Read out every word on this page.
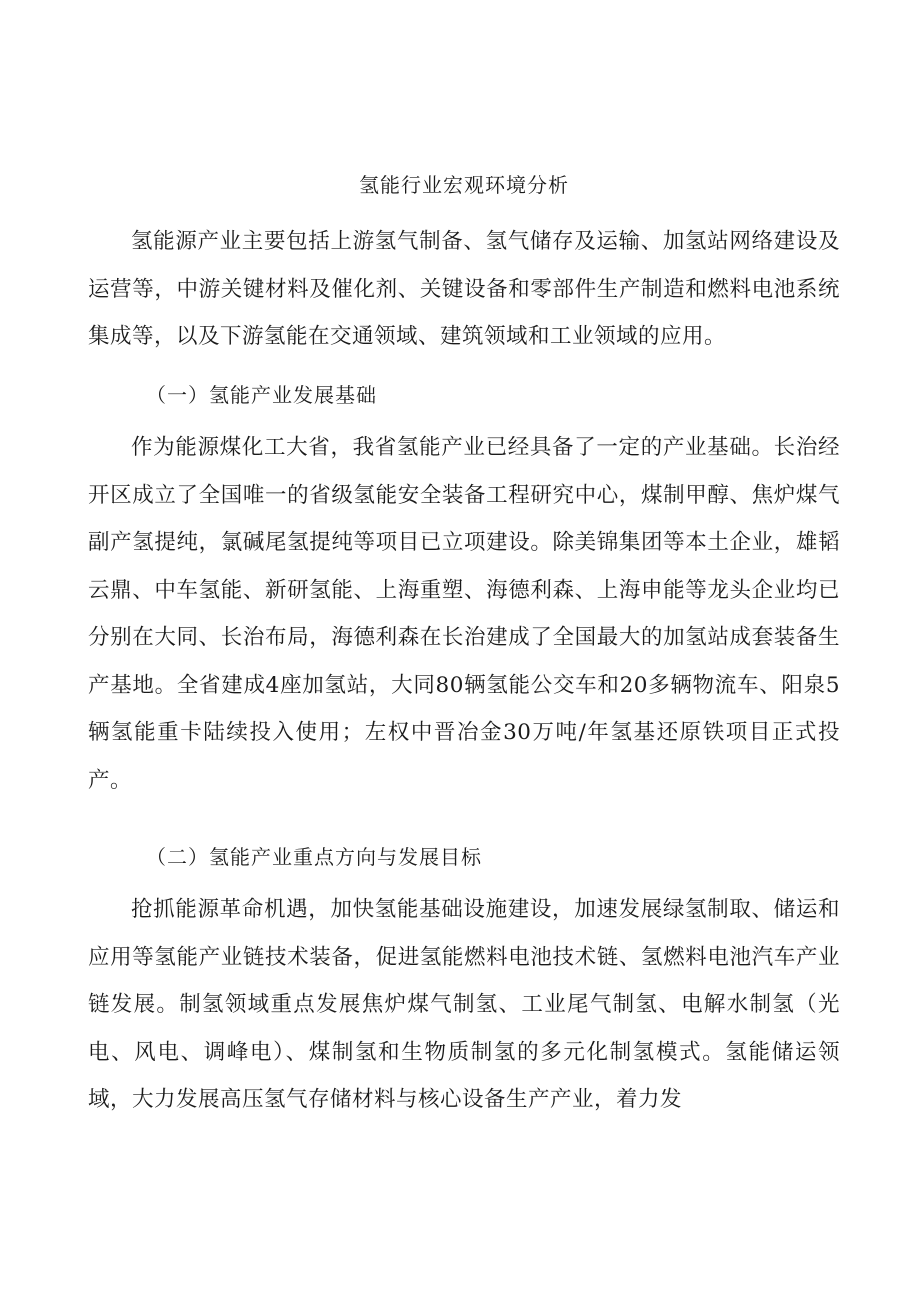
氢能行业宏观环境分析

氢能源产业主要包括上游氢气制备、氢气储存及运输、加氢站网络建设及运营等，中游关键材料及催化剂、关键设备和零部件生产制造和燃料电池系统集成等，以及下游氢能在交通领域、建筑领域和工业领域的应用。

（一）氢能产业发展基础

作为能源煤化工大省，我省氢能产业已经具备了一定的产业基础。长治经开区成立了全国唯一的省级氢能安全装备工程研究中心，煤制甲醇、焦炉煤气副产氢提纯，氯碱尾氢提纯等项目已立项建设。除美锦集团等本土企业，雄韬云鼎、中车氢能、新研氢能、上海重塑、海德利森、上海申能等龙头企业均已分别在大同、长治布局，海德利森在长治建成了全国最大的加氢站成套装备生产基地。全省建成4座加氢站，大同80辆氢能公交车和20多辆物流车、阳泉5辆氢能重卡陆续投入使用；左权中晋冶金30万吨/年氢基还原铁项目正式投产。

（二）氢能产业重点方向与发展目标

抢抓能源革命机遇，加快氢能基础设施建设，加速发展绿氢制取、储运和应用等氢能产业链技术装备，促进氢能燃料电池技术链、氢燃料电池汽车产业链发展。制氢领域重点发展焦炉煤气制氢、工业尾气制氢、电解水制氢（光电、风电、调峰电）、煤制氢和生物质制氢的多元化制氢模式。氢能储运领域，大力发展高压氢气存储材料与核心设备生产产业，着力发
